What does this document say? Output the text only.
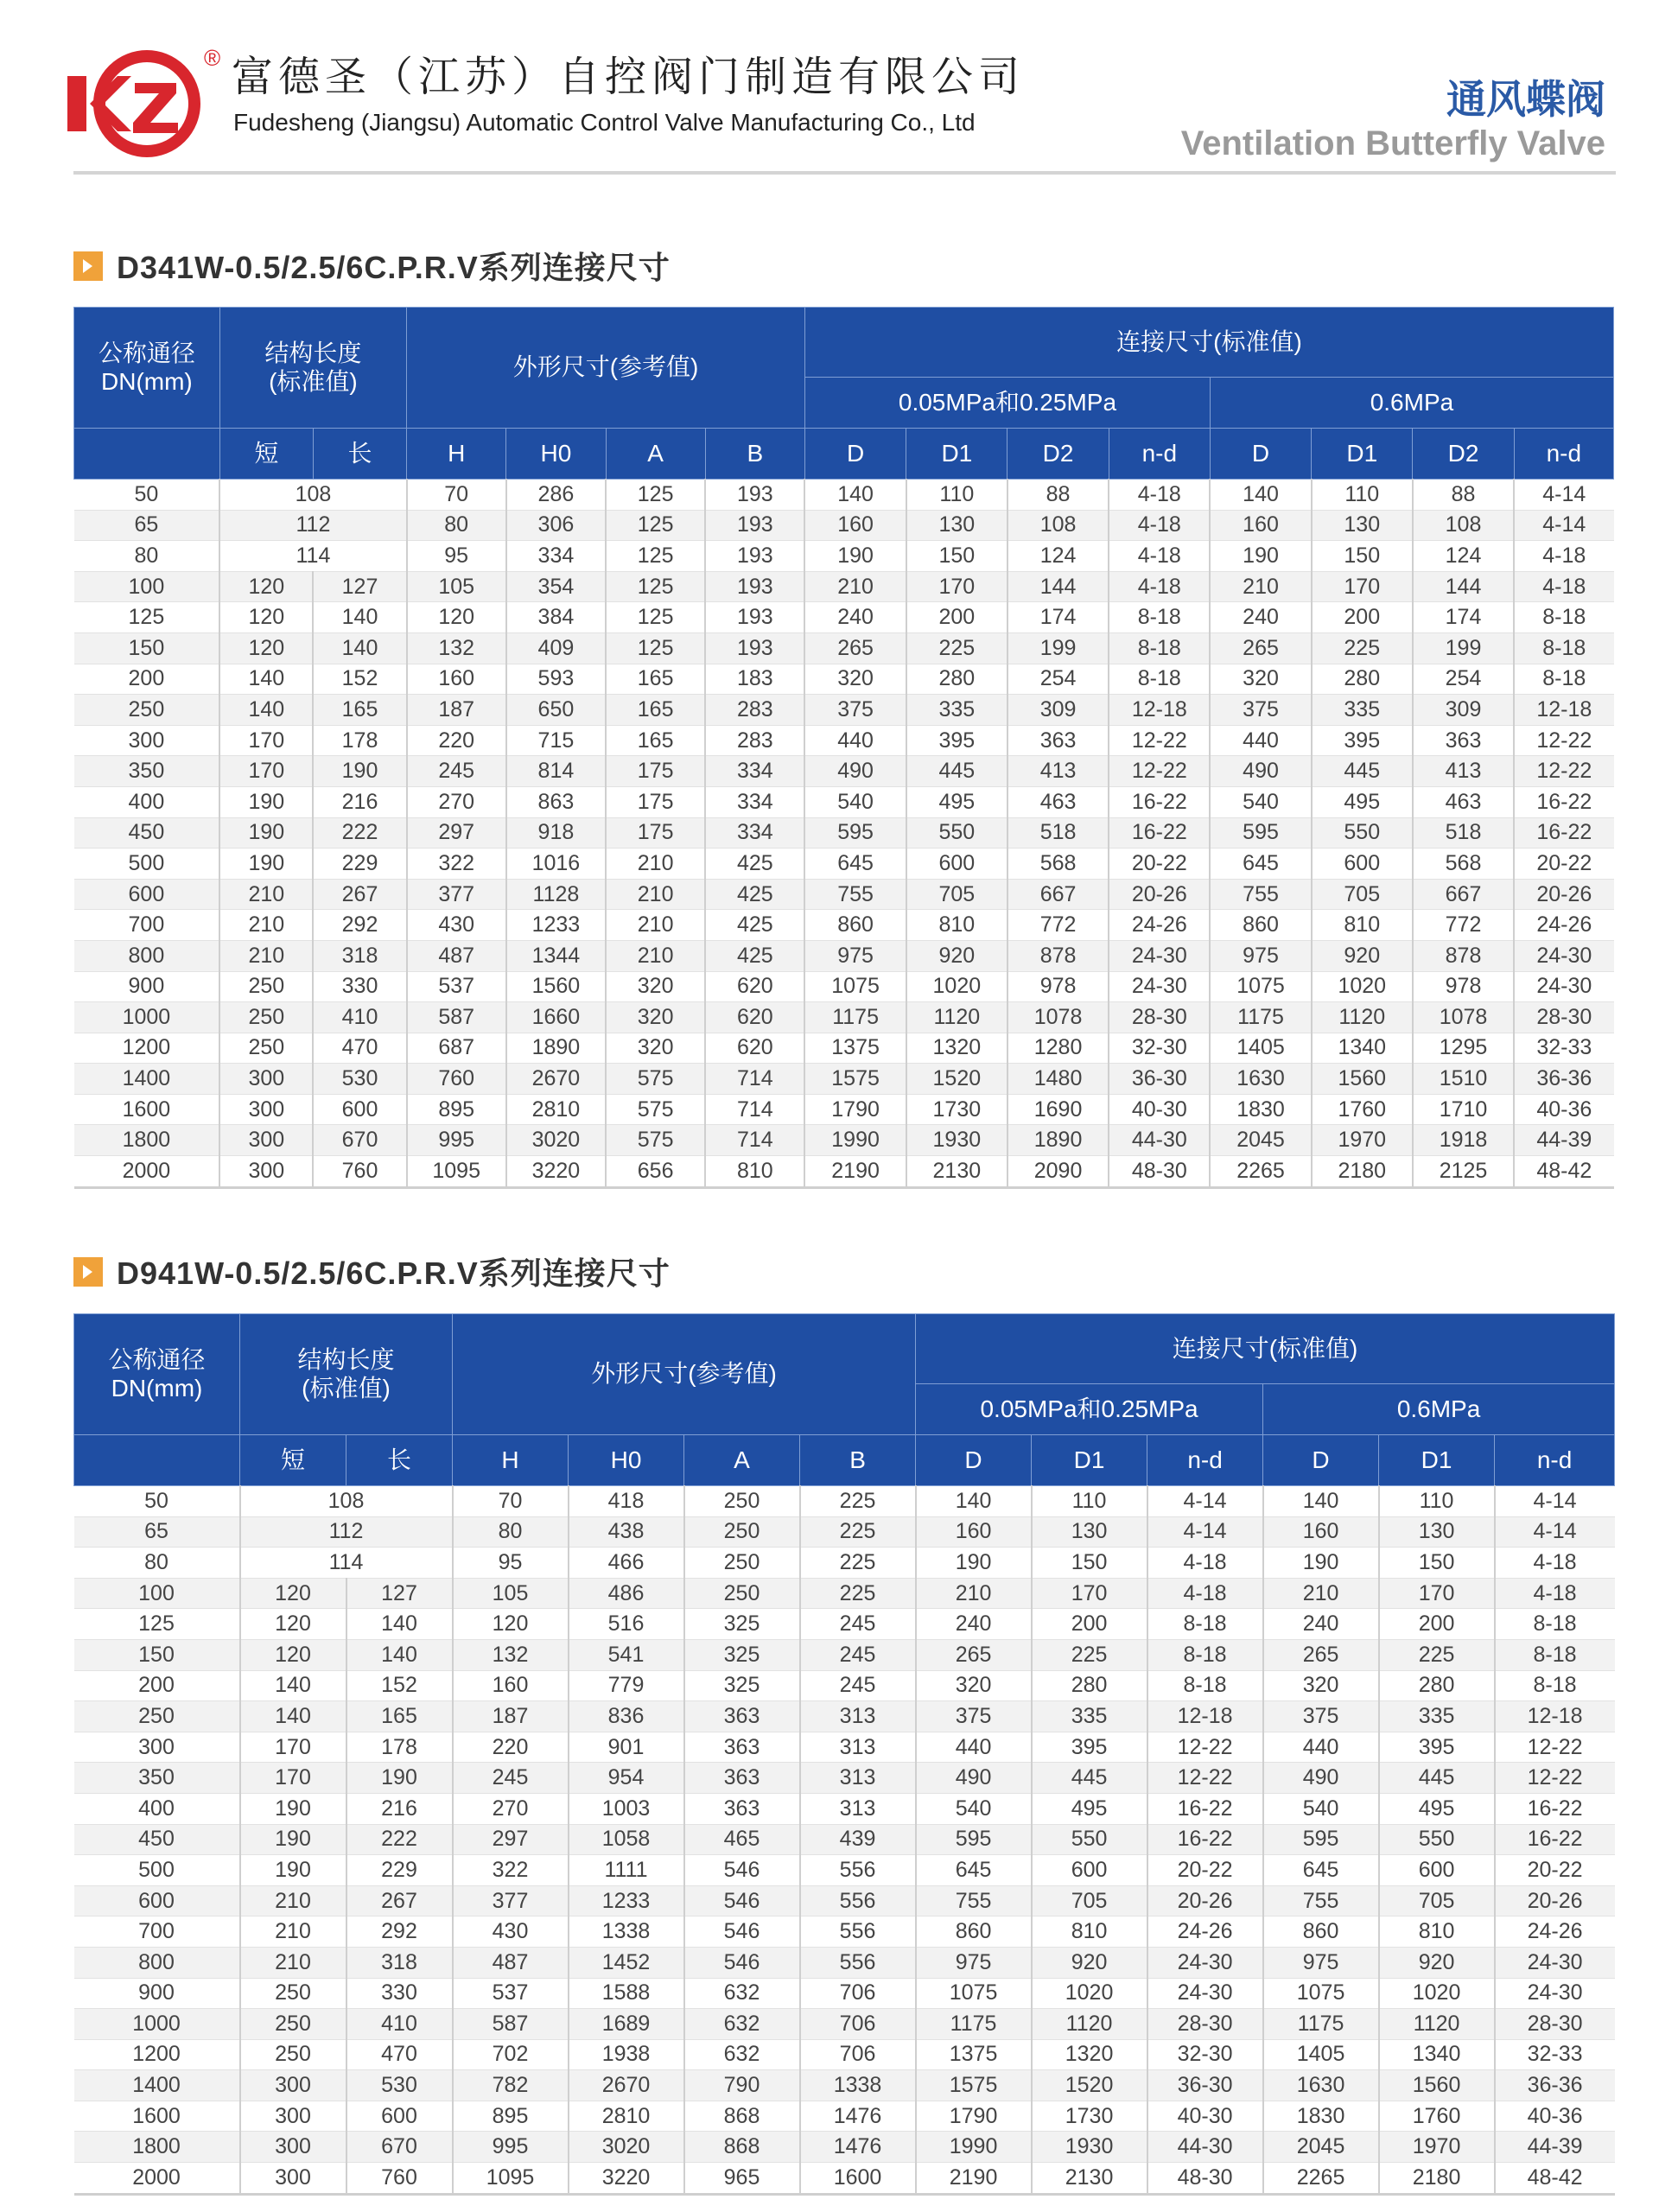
® 富德圣（江苏）自控阀门制造有限公司
Fudesheng (Jiangsu) Automatic Control Valve Manufacturing Co., Ltd
通风蝶阀
Ventilation Butterfly Valve
D341W-0.5/2.5/6C.P.R.V系列连接尺寸
公称通径
DN(mm)	结构长度
(标准值)		外形尺寸(参考值)				连接尺寸(标准值)							
							0.05MPa和0.25MPa				0.6MPa			
	短	长	H	H0	A	B	D	D1	D2	n-d	D	D1	D2	n-d
50	108		70	286	125	193	140	110	88	4-18	140	110	88	4-14
65	112		80	306	125	193	160	130	108	4-18	160	130	108	4-14
80	114		95	334	125	193	190	150	124	4-18	190	150	124	4-18
100	120	127	105	354	125	193	210	170	144	4-18	210	170	144	4-18
125	120	140	120	384	125	193	240	200	174	8-18	240	200	174	8-18
150	120	140	132	409	125	193	265	225	199	8-18	265	225	199	8-18
200	140	152	160	593	165	183	320	280	254	8-18	320	280	254	8-18
250	140	165	187	650	165	283	375	335	309	12-18	375	335	309	12-18
300	170	178	220	715	165	283	440	395	363	12-22	440	395	363	12-22
350	170	190	245	814	175	334	490	445	413	12-22	490	445	413	12-22
400	190	216	270	863	175	334	540	495	463	16-22	540	495	463	16-22
450	190	222	297	918	175	334	595	550	518	16-22	595	550	518	16-22
500	190	229	322	1016	210	425	645	600	568	20-22	645	600	568	20-22
600	210	267	377	1128	210	425	755	705	667	20-26	755	705	667	20-26
700	210	292	430	1233	210	425	860	810	772	24-26	860	810	772	24-26
800	210	318	487	1344	210	425	975	920	878	24-30	975	920	878	24-30
900	250	330	537	1560	320	620	1075	1020	978	24-30	1075	1020	978	24-30
1000	250	410	587	1660	320	620	1175	1120	1078	28-30	1175	1120	1078	28-30
1200	250	470	687	1890	320	620	1375	1320	1280	32-30	1405	1340	1295	32-33
1400	300	530	760	2670	575	714	1575	1520	1480	36-30	1630	1560	1510	36-36
1600	300	600	895	2810	575	714	1790	1730	1690	40-30	1830	1760	1710	40-36
1800	300	670	995	3020	575	714	1990	1930	1890	44-30	2045	1970	1918	44-39
2000	300	760	1095	3220	656	810	2190	2130	2090	48-30	2265	2180	2125	48-42
D941W-0.5/2.5/6C.P.R.V系列连接尺寸
公称通径
DN(mm)	结构长度
(标准值)		外形尺寸(参考值)				连接尺寸(标准值)					
							0.05MPa和0.25MPa			0.6MPa		
	短	长	H	H0	A	B	D	D1	n-d	D	D1	n-d
50	108		70	418	250	225	140	110	4-14	140	110	4-14
65	112		80	438	250	225	160	130	4-14	160	130	4-14
80	114		95	466	250	225	190	150	4-18	190	150	4-18
100	120	127	105	486	250	225	210	170	4-18	210	170	4-18
125	120	140	120	516	325	245	240	200	8-18	240	200	8-18
150	120	140	132	541	325	245	265	225	8-18	265	225	8-18
200	140	152	160	779	325	245	320	280	8-18	320	280	8-18
250	140	165	187	836	363	313	375	335	12-18	375	335	12-18
300	170	178	220	901	363	313	440	395	12-22	440	395	12-22
350	170	190	245	954	363	313	490	445	12-22	490	445	12-22
400	190	216	270	1003	363	313	540	495	16-22	540	495	16-22
450	190	222	297	1058	465	439	595	550	16-22	595	550	16-22
500	190	229	322	1111	546	556	645	600	20-22	645	600	20-22
600	210	267	377	1233	546	556	755	705	20-26	755	705	20-26
700	210	292	430	1338	546	556	860	810	24-26	860	810	24-26
800	210	318	487	1452	546	556	975	920	24-30	975	920	24-30
900	250	330	537	1588	632	706	1075	1020	24-30	1075	1020	24-30
1000	250	410	587	1689	632	706	1175	1120	28-30	1175	1120	28-30
1200	250	470	702	1938	632	706	1375	1320	32-30	1405	1340	32-33
1400	300	530	782	2670	790	1338	1575	1520	36-30	1630	1560	36-36
1600	300	600	895	2810	868	1476	1790	1730	40-30	1830	1760	40-36
1800	300	670	995	3020	868	1476	1990	1930	44-30	2045	1970	44-39
2000	300	760	1095	3220	965	1600	2190	2130	48-30	2265	2180	48-42
